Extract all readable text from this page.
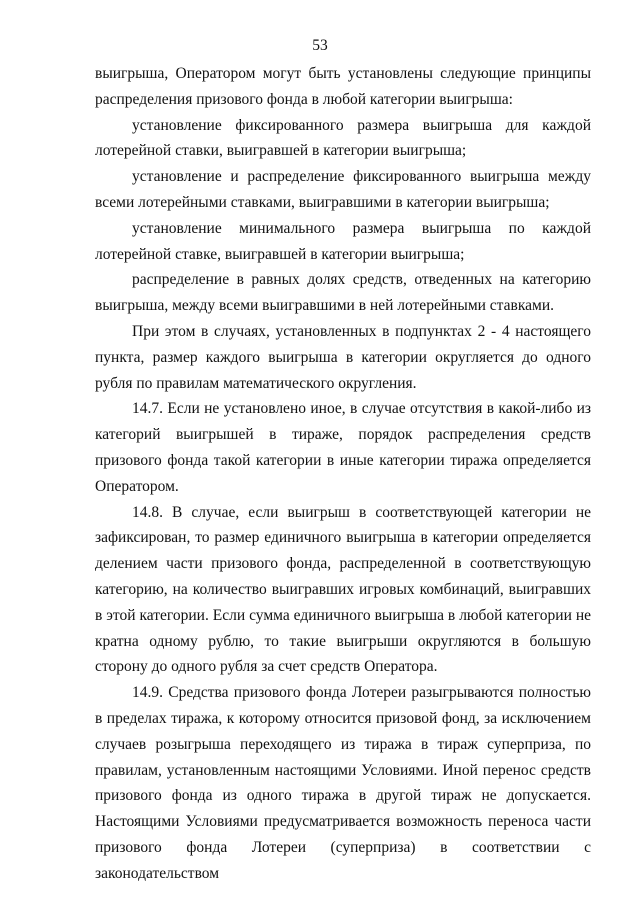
53

выигрыша, Оператором могут быть установлены следующие принципы распределения призового фонда в любой категории выигрыша:

установление фиксированного размера выигрыша для каждой лотерейной ставки, выигравшей в категории выигрыша;

установление и распределение фиксированного выигрыша между всеми лотерейными ставками, выигравшими в категории выигрыша;

установление минимального размера выигрыша по каждой лотерейной ставке, выигравшей в категории выигрыша;

распределение в равных долях средств, отведенных на категорию выигрыша, между всеми выигравшими в ней лотерейными ставками.

При этом в случаях, установленных в подпунктах 2 - 4 настоящего пункта, размер каждого выигрыша в категории округляется до одного рубля по правилам математического округления.

14.7. Если не установлено иное, в случае отсутствия в какой-либо из категорий выигрышей в тираже, порядок распределения средств призового фонда такой категории в иные категории тиража определяется Оператором.

14.8. В случае, если выигрыш в соответствующей категории не зафиксирован, то размер единичного выигрыша в категории определяется делением части призового фонда, распределенной в соответствующую категорию, на количество выигравших игровых комбинаций, выигравших в этой категории. Если сумма единичного выигрыша в любой категории не кратна одному рублю, то такие выигрыши округляются в большую сторону до одного рубля за счет средств Оператора.

14.9. Средства призового фонда Лотереи разыгрываются полностью в пределах тиража, к которому относится призовой фонд, за исключением случаев розыгрыша переходящего из тиража в тираж суперприза, по правилам, установленным настоящими Условиями. Иной перенос средств призового фонда из одного тиража в другой тираж не допускается. Настоящими Условиями предусматривается возможность переноса части призового фонда Лотереи (суперприза) в соответствии с законодательством
